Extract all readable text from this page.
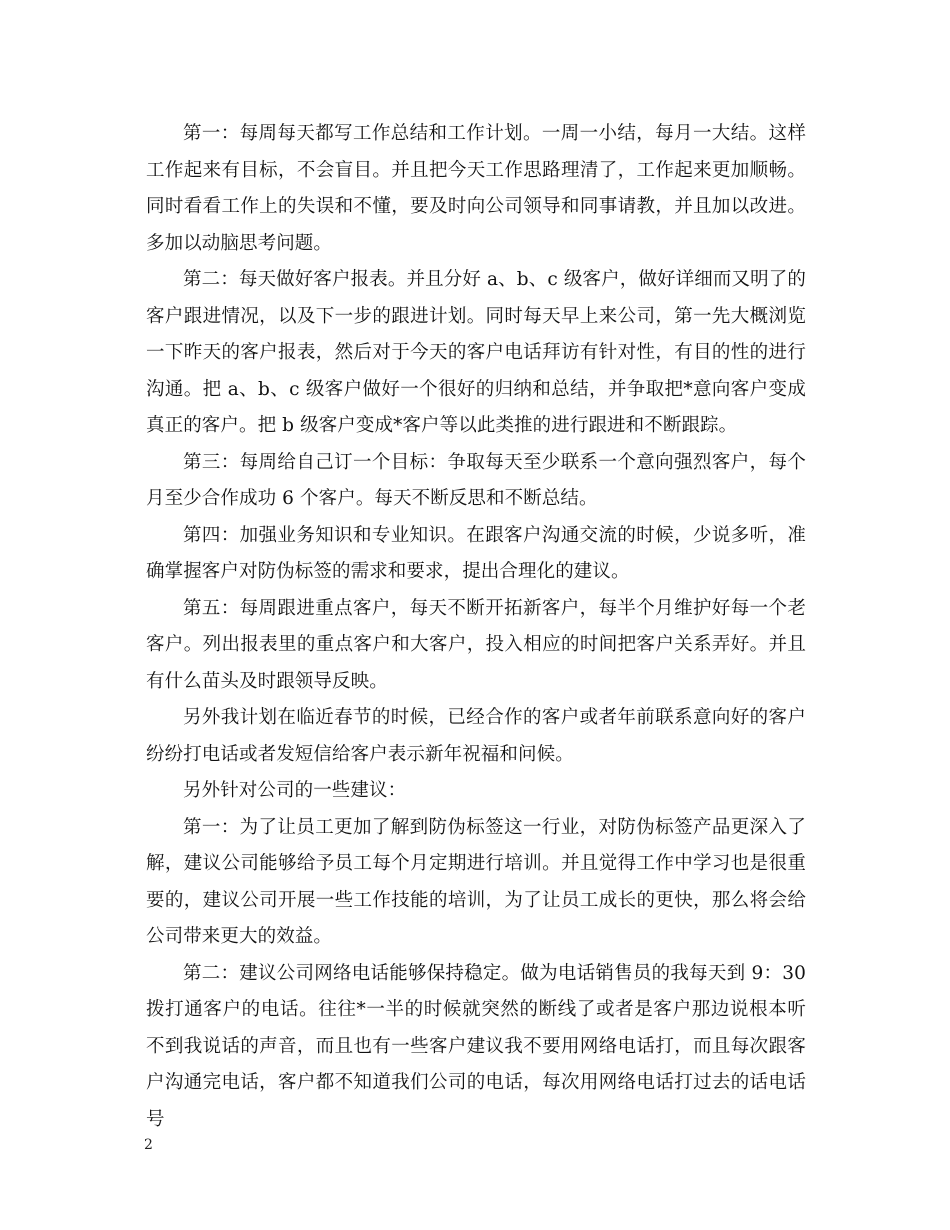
第一：每周每天都写工作总结和工作计划。一周一小结，每月一大结。这样工作起来有目标，不会盲目。并且把今天工作思路理清了，工作起来更加顺畅。同时看看工作上的失误和不懂，要及时向公司领导和同事请教，并且加以改进。多加以动脑思考问题。

第二：每天做好客户报表。并且分好 a、b、c 级客户，做好详细而又明了的客户跟进情况，以及下一步的跟进计划。同时每天早上来公司，第一先大概浏览一下昨天的客户报表，然后对于今天的客户电话拜访有针对性，有目的性的进行沟通。把 a、b、c 级客户做好一个很好的归纳和总结，并争取把*意向客户变成真正的客户。把 b 级客户变成*客户等以此类推的进行跟进和不断跟踪。

第三：每周给自己订一个目标：争取每天至少联系一个意向强烈客户，每个月至少合作成功 6 个客户。每天不断反思和不断总结。

第四：加强业务知识和专业知识。在跟客户沟通交流的时候，少说多听，准确掌握客户对防伪标签的需求和要求，提出合理化的建议。

第五：每周跟进重点客户，每天不断开拓新客户，每半个月维护好每一个老客户。列出报表里的重点客户和大客户，投入相应的时间把客户关系弄好。并且有什么苗头及时跟领导反映。

另外我计划在临近春节的时候，已经合作的客户或者年前联系意向好的客户纷纷打电话或者发短信给客户表示新年祝福和问候。

另外针对公司的一些建议：

第一：为了让员工更加了解到防伪标签这一行业，对防伪标签产品更深入了解，建议公司能够给予员工每个月定期进行培训。并且觉得工作中学习也是很重要的，建议公司开展一些工作技能的培训，为了让员工成长的更快，那么将会给公司带来更大的效益。

第二：建议公司网络电话能够保持稳定。做为电话销售员的我每天到 9：30 拨打通客户的电话。往往*一半的时候就突然的断线了或者是客户那边说根本听不到我说话的声音，而且也有一些客户建议我不要用网络电话打，而且每次跟客户沟通完电话，客户都不知道我们公司的电话，每次用网络电话打过去的话电话号

2
